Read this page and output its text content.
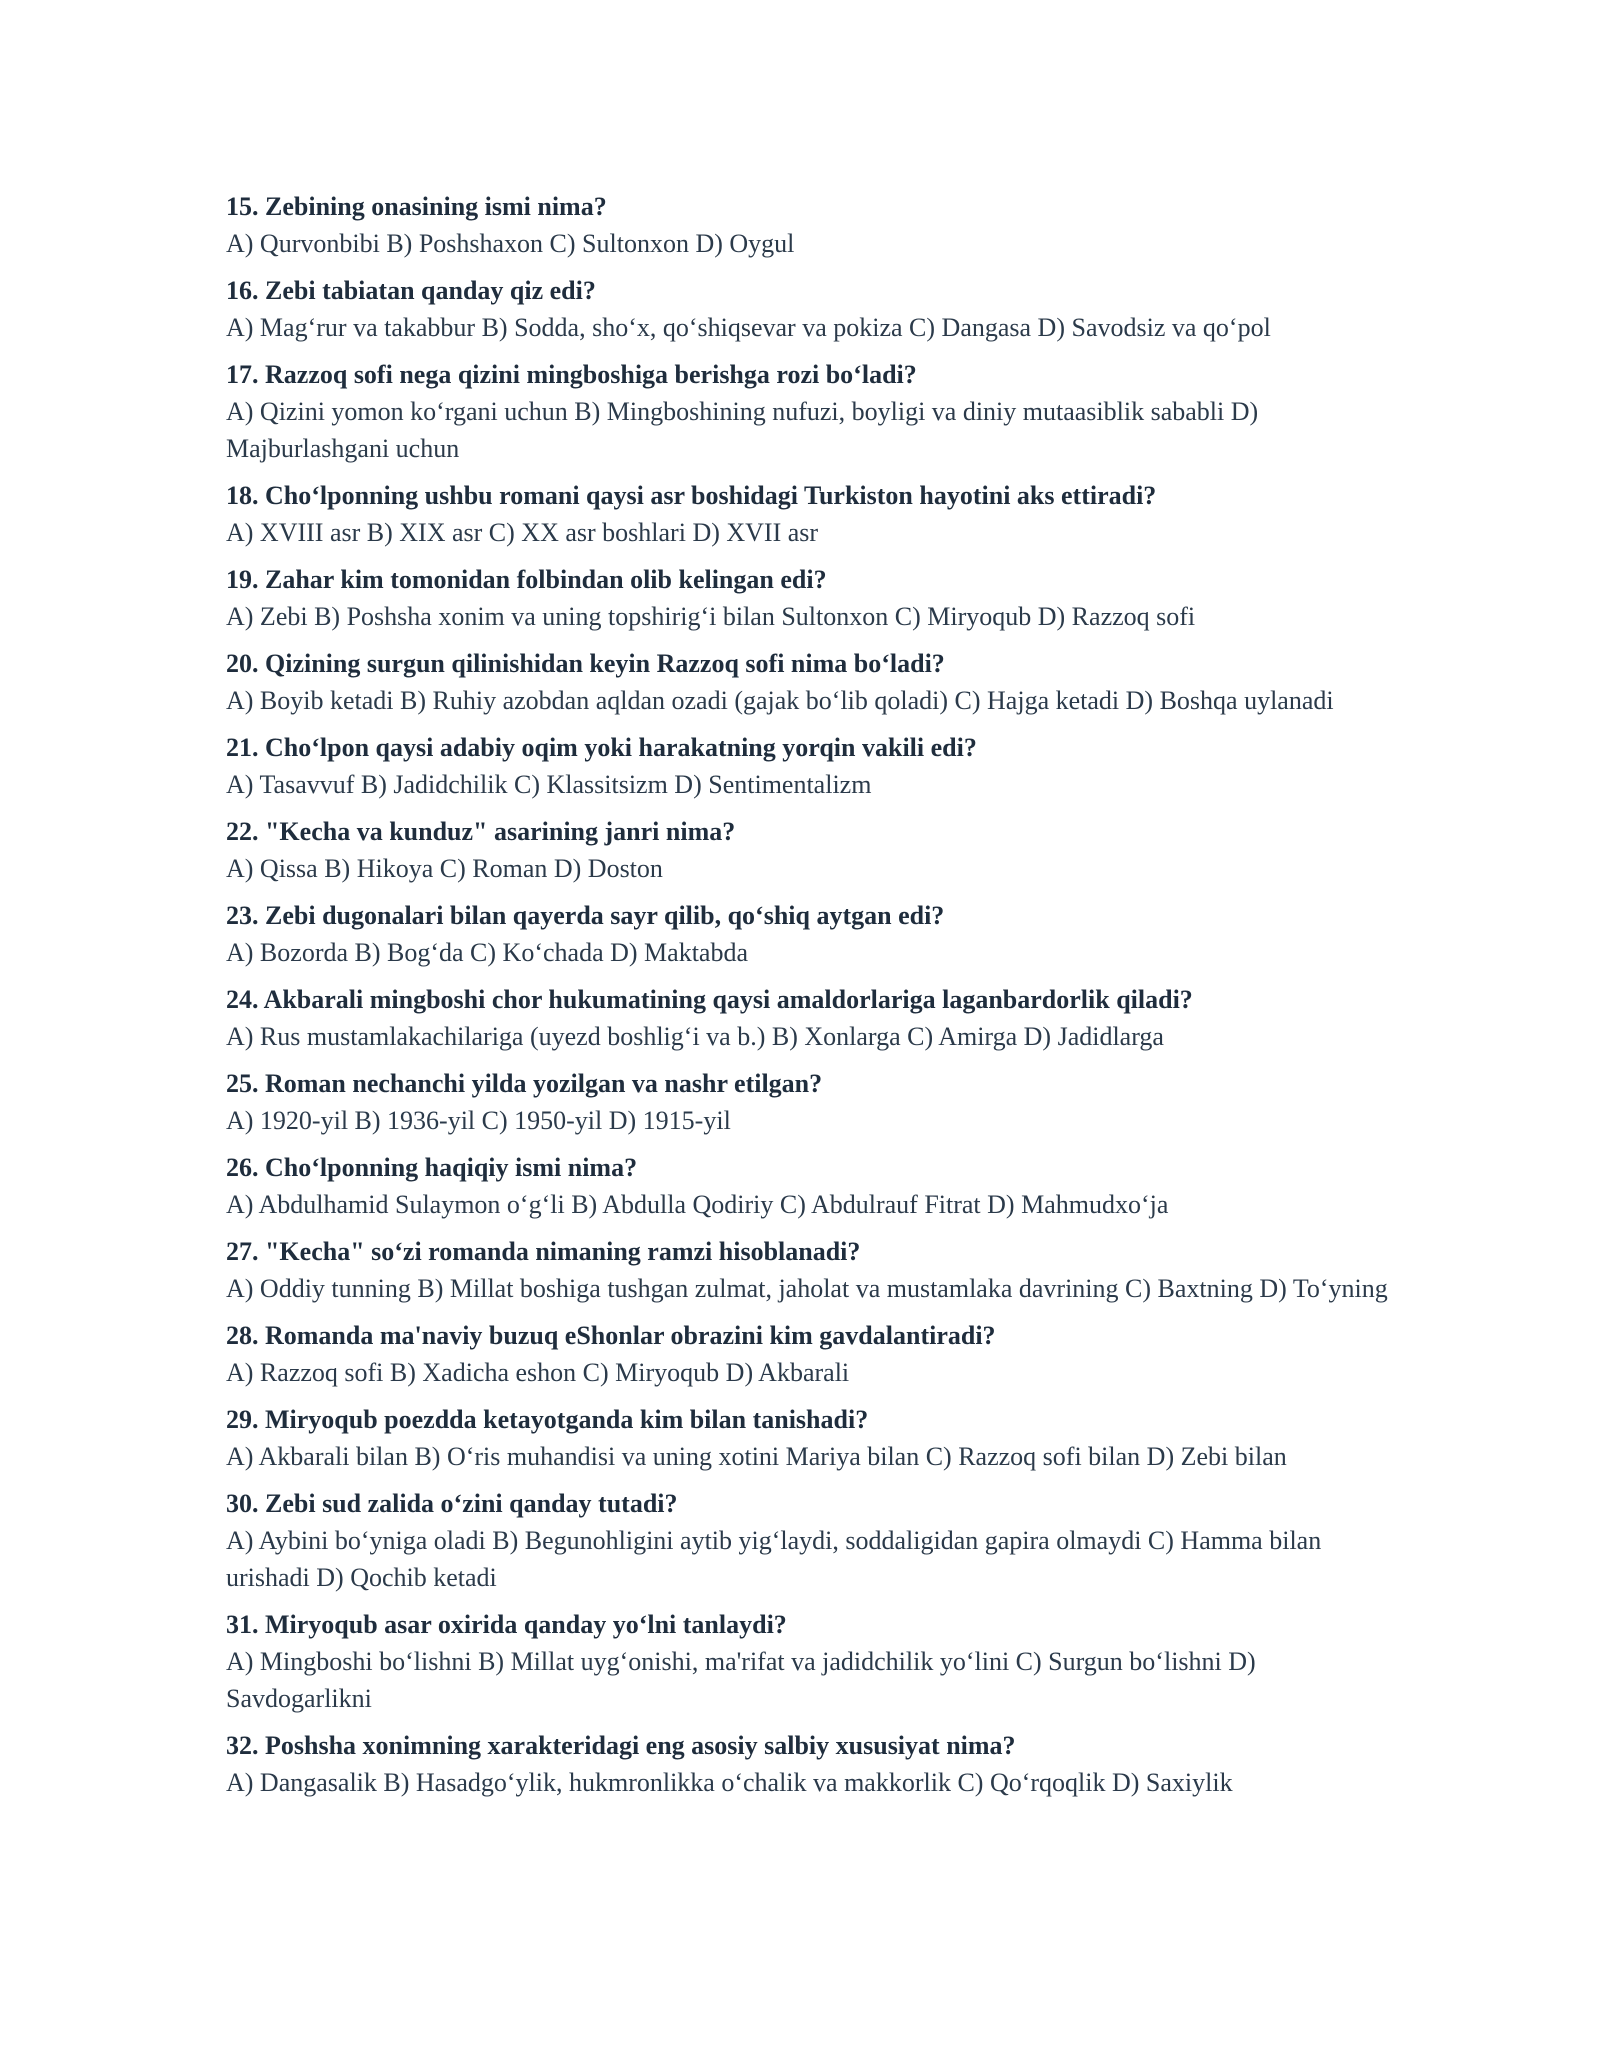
15. Zebining onasining ismi nima?

A) Qurvonbibi B) Poshshaxon C) Sultonxon D) Oygul

16. Zebi tabiatan qanday qiz edi?

A) Mag‘rur va takabbur B) Sodda, sho‘x, qo‘shiqsevar va pokiza C) Dangasa D) Savodsiz va qo‘pol

17. Razzoq sofi nega qizini mingboshiga berishga rozi bo‘ladi?

A) Qizini yomon ko‘rgani uchun B) Mingboshining nufuzi, boyligi va diniy mutaasiblik sababli D) Majburlashgani uchun

18. Cho‘lponning ushbu romani qaysi asr boshidagi Turkiston hayotini aks ettiradi?

A) XVIII asr B) XIX asr C) XX asr boshlari D) XVII asr

19. Zahar kim tomonidan folbindan olib kelingan edi?

A) Zebi B) Poshsha xonim va uning topshirig‘i bilan Sultonxon C) Miryoqub D) Razzoq sofi

20. Qizining surgun qilinishidan keyin Razzoq sofi nima bo‘ladi?

A) Boyib ketadi B) Ruhiy azobdan aqldan ozadi (gajak bo‘lib qoladi) C) Hajga ketadi D) Boshqa uylanadi

21. Cho‘lpon qaysi adabiy oqim yoki harakatning yorqin vakili edi?

A) Tasavvuf B) Jadidchilik C) Klassitsizm D) Sentimentalizm

22. "Kecha va kunduz" asarining janri nima?

A) Qissa B) Hikoya C) Roman D) Doston

23. Zebi dugonalari bilan qayerda sayr qilib, qo‘shiq aytgan edi?

A) Bozorda B) Bog‘da C) Ko‘chada D) Maktabda

24. Akbarali mingboshi chor hukumatining qaysi amaldorlariga laganbardorlik qiladi?

A) Rus mustamlakachilariga (uyezd boshlig‘i va b.) B) Xonlarga C) Amirga D) Jadidlarga

25. Roman nechanchi yilda yozilgan va nashr etilgan?

A) 1920-yil B) 1936-yil C) 1950-yil D) 1915-yil

26. Cho‘lponning haqiqiy ismi nima?

A) Abdulhamid Sulaymon o‘g‘li B) Abdulla Qodiriy C) Abdulrauf Fitrat D) Mahmudxo‘ja

27. "Kecha" so‘zi romanda nimaning ramzi hisoblanadi?

A) Oddiy tunning B) Millat boshiga tushgan zulmat, jaholat va mustamlaka davrining C) Baxtning D) To‘yning

28. Romanda ma'naviy buzuq eShonlar obrazini kim gavdalantiradi?

A) Razzoq sofi B) Xadicha eshon C) Miryoqub D) Akbarali

29. Miryoqub poezdda ketayotganda kim bilan tanishadi?

A) Akbarali bilan B) O‘ris muhandisi va uning xotini Mariya bilan C) Razzoq sofi bilan D) Zebi bilan

30. Zebi sud zalida o‘zini qanday tutadi?

A) Aybini bo‘yniga oladi B) Begunohligini aytib yig‘laydi, soddaligidan gapira olmaydi C) Hamma bilan urishadi D) Qochib ketadi

31. Miryoqub asar oxirida qanday yo‘lni tanlaydi?

A) Mingboshi bo‘lishni B) Millat uyg‘onishi, ma'rifat va jadidchilik yo‘lini C) Surgun bo‘lishni D) Savdogarlikni

32. Poshsha xonimning xarakteridagi eng asosiy salbiy xususiyat nima?

A) Dangasalik B) Hasadgo‘ylik, hukmronlikka o‘chalik va makkorlik C) Qo‘rqoqlik D) Saxiylik
